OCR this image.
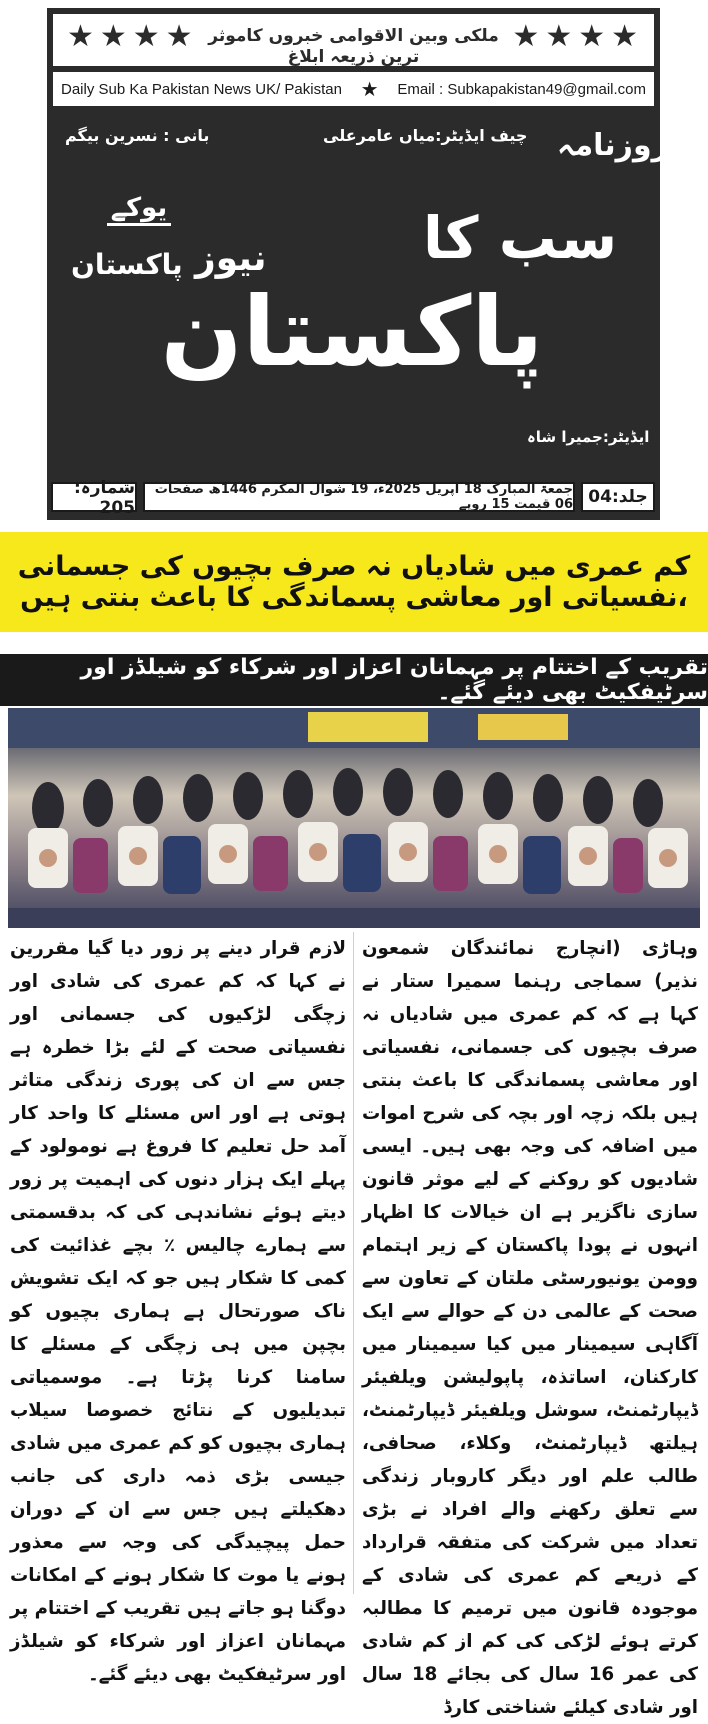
★★★★ ملکی وبین الاقوامی خبروں کاموثر ترین ذریعہ ابلاغ
★★★★
Daily Sub Ka Pakistan News UK/ Pakistan ★ Email : Subkapakistan49@gmail.com
بانی : نسرین بیگم	چیف ایڈیٹر:میاں عامرعلی روزنامہ
یوکے
پاکستان نیوز	سب کا
پاکستان
ایڈیٹر:جمیرا شاہ
شمارہ: 205
جمعۃ المبارک 18 اپریل 2025ء، 19 شوال المکرم 1446ھ صفحات 06 قیمت 15 روپے جلد:04
کم عمری میں شادیاں نہ صرف بچیوں کی جسمانی ،نفسیاتی اور معاشی پسماندگی کا باعث بنتی ہیں
تقریب کے اختتام پر مہمانان اعزاز اور شرکاء کو شیلڈز اور سرٹیفکیٹ بھی دیئے گئے۔
وہاڑی (انچارج نمائندگان شمعون نذیر) سماجی رہنما سمیرا ستار نے کہا ہے کہ کم عمری میں شادیاں نہ صرف بچیوں کی جسمانی، نفسیاتی اور معاشی پسماندگی کا باعث بنتی ہیں بلکہ زچہ اور بچہ کی شرح اموات میں اضافہ کی وجہ بھی ہیں۔ ایسی شادیوں کو روکنے کے لیے موثر قانون سازی ناگزیر ہے ان خیالات کا اظہار انہوں نے پودا پاکستان کے زیر اہتمام وومن یونیورسٹی ملتان کے تعاون سے صحت کے عالمی دن کے حوالے سے ایک آگاہی سیمینار میں کیا سیمینار میں کارکنان، اساتذہ، پاپولیشن ویلفیئر ڈیپارٹمنٹ، سوشل ویلفیئر ڈیپارٹمنٹ، ہیلتھ ڈیپارٹمنٹ، وکلاء، صحافی، طالب علم اور دیگر کاروبار زندگی سے تعلق رکھنے والے افراد نے بڑی تعداد میں شرکت کی متفقہ قرارداد کے ذریعے کم عمری کی شادی کے موجودہ قانون میں ترمیم کا مطالبہ کرتے ہوئے لڑکی کی کم از کم شادی کی عمر 16 سال کی بجائے 18 سال اور شادی کیلئے شناختی کارڈ
لازم قرار دینے پر زور دیا گیا مقررین نے کہا کہ کم عمری کی شادی اور زچگی لڑکیوں کی جسمانی اور نفسیاتی صحت کے لئے بڑا خطرہ ہے جس سے ان کی پوری زندگی متاثر ہوتی ہے اور اس مسئلے کا واحد کار آمد حل تعلیم کا فروغ ہے نومولود کے پہلے ایک ہزار دنوں کی اہمیت پر زور دیتے ہوئے نشاندہی کی کہ بدقسمتی سے ہمارے چالیس ٪ بچے غذائیت کی کمی کا شکار ہیں جو کہ ایک تشویش ناک صورتحال ہے ہماری بچیوں کو بچپن میں ہی زچگی کے مسئلے کا سامنا کرنا پڑتا ہے۔ موسمیاتی تبدیلیوں کے نتائج خصوصا سیلاب ہماری بچیوں کو کم عمری میں شادی جیسی بڑی ذمہ داری کی جانب دھکیلتے ہیں جس سے ان کے دوران حمل پیچیدگی کی وجہ سے معذور ہونے یا موت کا شکار ہونے کے امکانات دوگنا ہو جاتے ہیں تقریب کے اختتام پر مہمانان اعزاز اور شرکاء کو شیلڈز اور سرٹیفکیٹ بھی دیئے گئے۔
